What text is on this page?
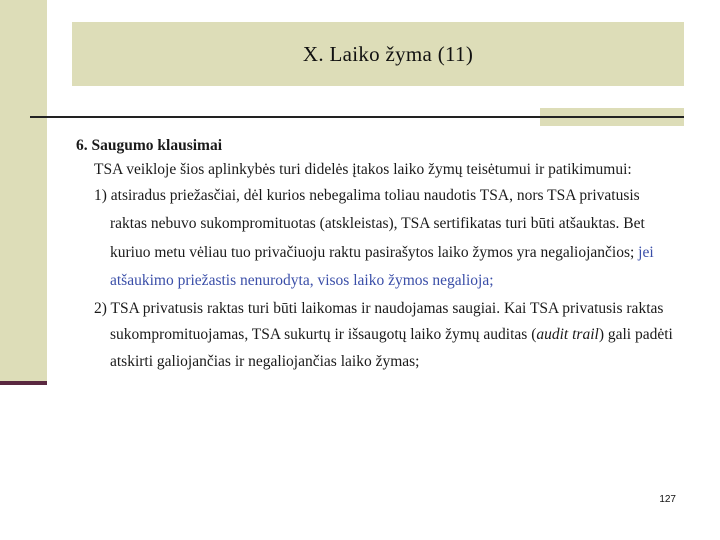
X. Laiko žyma (11)

6. Saugumo klausimai

TSA veikloje šios aplinkybės turi didelės įtakos laiko žymų teisėtumui ir patikimumui:

1) atsiradus priežasčiai, dėl kurios nebegalima toliau naudotis TSA, nors TSA privatusis raktas nebuvo sukompromituotas (atskleistas), TSA sertifikatas turi būti atšauktas. Bet kuriuo metu vėliau tuo privačiuoju raktu pasirašytos laiko žymos yra negaliojančios; jei atšaukimo priežastis nenurodyta, visos laiko žymos negalioja;

2) TSA privatusis raktas turi būti laikomas ir naudojamas saugiai. Kai TSA privatusis raktas sukompromituojamas, TSA sukurtų ir išsaugotų laiko žymų auditas (audit trail) gali padėti atskirti galiojančias ir negaliojančias laiko žymas;

127
